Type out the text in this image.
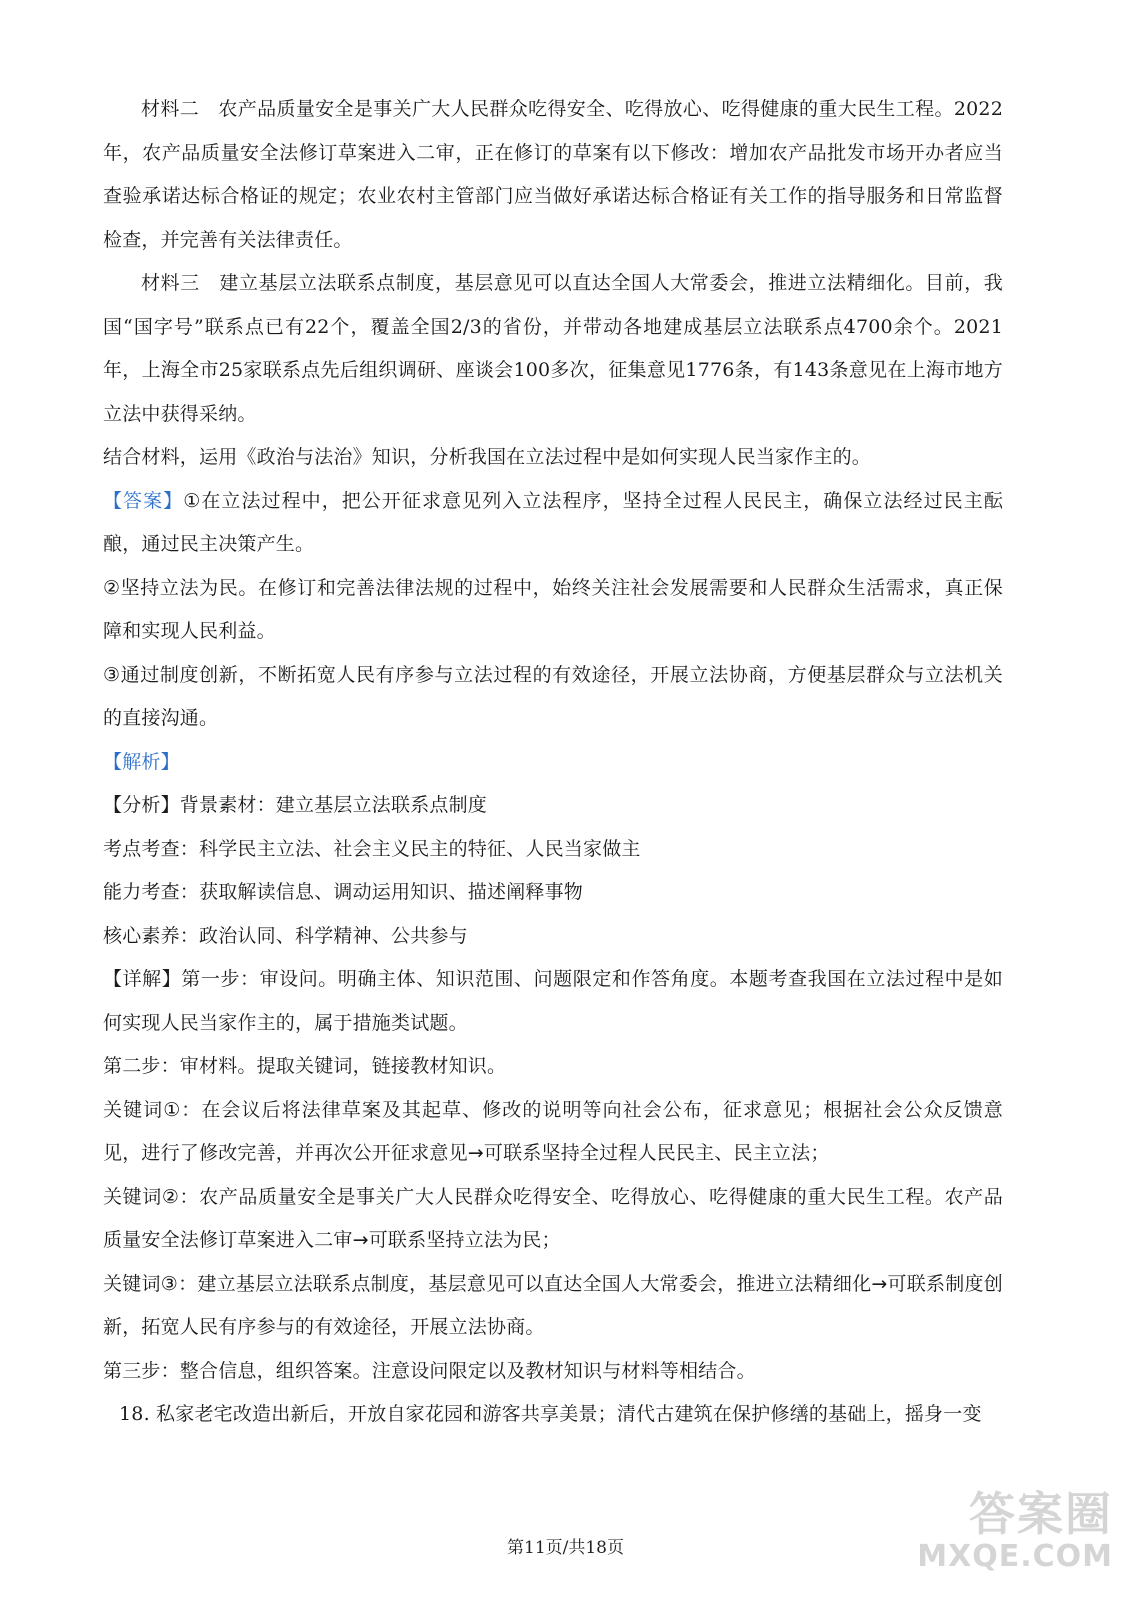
材料二  农产品质量安全是事关广大人民群众吃得安全、吃得放心、吃得健康的重大民生工程。2022年，农产品质量安全法修订草案进入二审，正在修订的草案有以下修改：增加农产品批发市场开办者应当查验承诺达标合格证的规定；农业农村主管部门应当做好承诺达标合格证有关工作的指导服务和日常监督检查，并完善有关法律责任。

材料三  建立基层立法联系点制度，基层意见可以直达全国人大常委会，推进立法精细化。目前，我国“国字号”联系点已有22个，覆盖全国2/3的省份，并带动各地建成基层立法联系点4700余个。2021年，上海全市25家联系点先后组织调研、座谈会100多次，征集意见1776条，有143条意见在上海市地方立法中获得采纳。

结合材料，运用《政治与法治》知识，分析我国在立法过程中是如何实现人民当家作主的。

【答案】①在立法过程中，把公开征求意见列入立法程序，坚持全过程人民民主，确保立法经过民主酝酿，通过民主决策产生。

②坚持立法为民。在修订和完善法律法规的过程中，始终关注社会发展需要和人民群众生活需求，真正保障和实现人民利益。

③通过制度创新，不断拓宽人民有序参与立法过程的有效途径，开展立法协商，方便基层群众与立法机关的直接沟通。

【解析】

【分析】背景素材：建立基层立法联系点制度

考点考查：科学民主立法、社会主义民主的特征、人民当家做主

能力考查：获取解读信息、调动运用知识、描述阐释事物

核心素养：政治认同、科学精神、公共参与

【详解】第一步：审设问。明确主体、知识范围、问题限定和作答角度。本题考查我国在立法过程中是如何实现人民当家作主的，属于措施类试题。

第二步：审材料。提取关键词，链接教材知识。

关键词①：在会议后将法律草案及其起草、修改的说明等向社会公布，征求意见；根据社会公众反馈意见，进行了修改完善，并再次公开征求意见→可联系坚持全过程人民民主、民主立法；

关键词②：农产品质量安全是事关广大人民群众吃得安全、吃得放心、吃得健康的重大民生工程。农产品质量安全法修订草案进入二审→可联系坚持立法为民；

关键词③：建立基层立法联系点制度，基层意见可以直达全国人大常委会，推进立法精细化→可联系制度创新，拓宽人民有序参与的有效途径，开展立法协商。

第三步：整合信息，组织答案。注意设问限定以及教材知识与材料等相结合。

18. 私家老宅改造出新后，开放自家花园和游客共享美景；清代古建筑在保护修缮的基础上，摇身一变

第11页/共18页
答案圈
MXQE.COM
